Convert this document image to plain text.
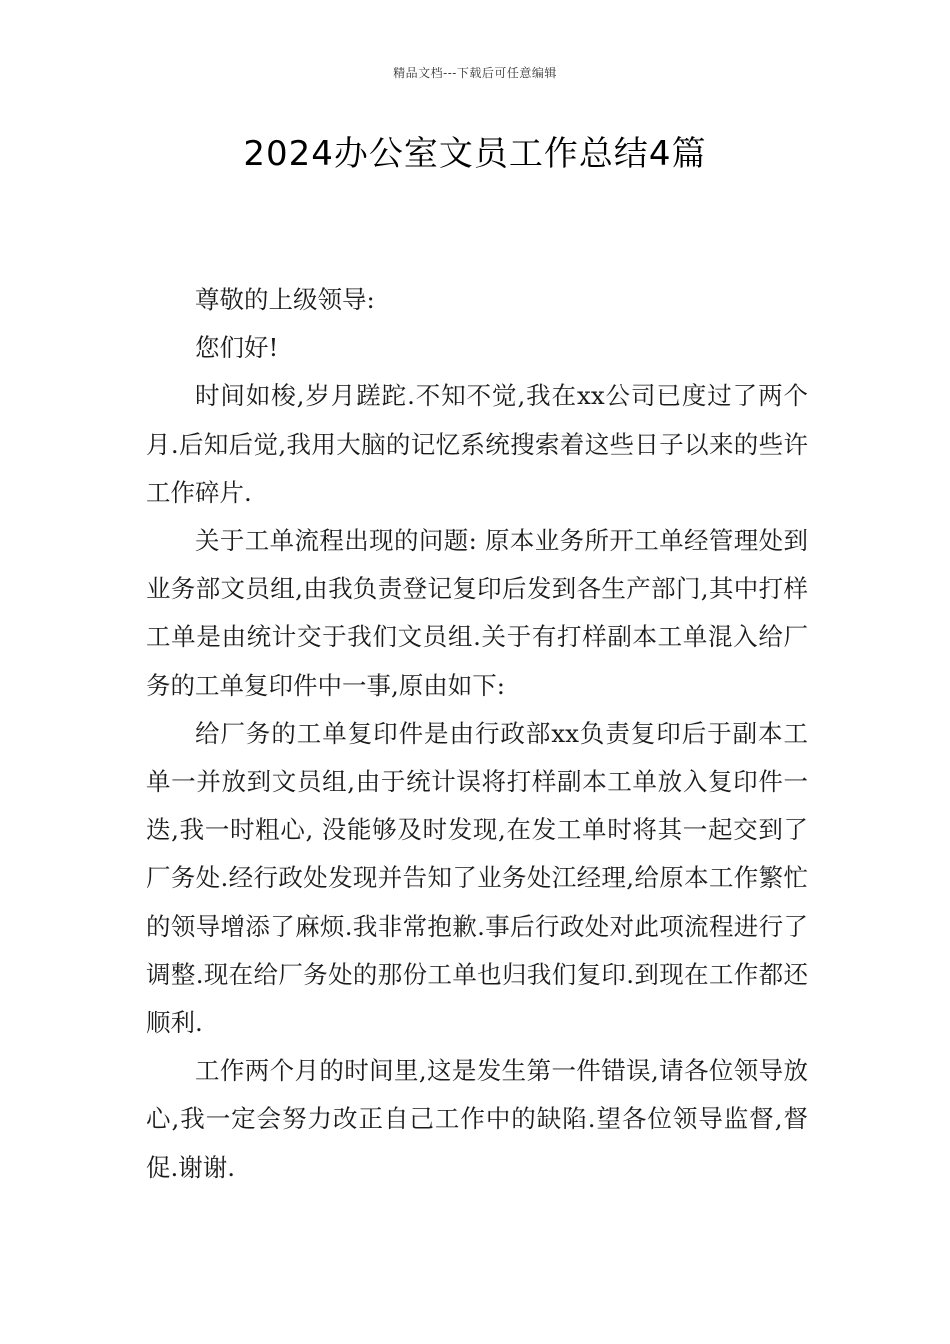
精品文档---下载后可任意编辑
2024办公室文员工作总结4篇

尊敬的上级领导:

您们好!

时间如梭,岁月蹉跎.不知不觉,我在xx公司已度过了两个月.后知后觉,我用大脑的记忆系统搜索着这些日子以来的些许工作碎片.

关于工单流程出现的问题: 原本业务所开工单经管理处到业务部文员组,由我负责登记复印后发到各生产部门,其中打样工单是由统计交于我们文员组.关于有打样副本工单混入给厂务的工单复印件中一事,原由如下:

给厂务的工单复印件是由行政部xx负责复印后于副本工单一并放到文员组,由于统计误将打样副本工单放入复印件一迭,我一时粗心, 没能够及时发现,在发工单时将其一起交到了厂务处.经行政处发现并告知了业务处江经理,给原本工作繁忙的领导增添了麻烦.我非常抱歉.事后行政处对此项流程进行了调整.现在给厂务处的那份工单也归我们复印.到现在工作都还顺利.

工作两个月的时间里,这是发生第一件错误,请各位领导放心,我一定会努力改正自己工作中的缺陷.望各位领导监督,督促.谢谢.
